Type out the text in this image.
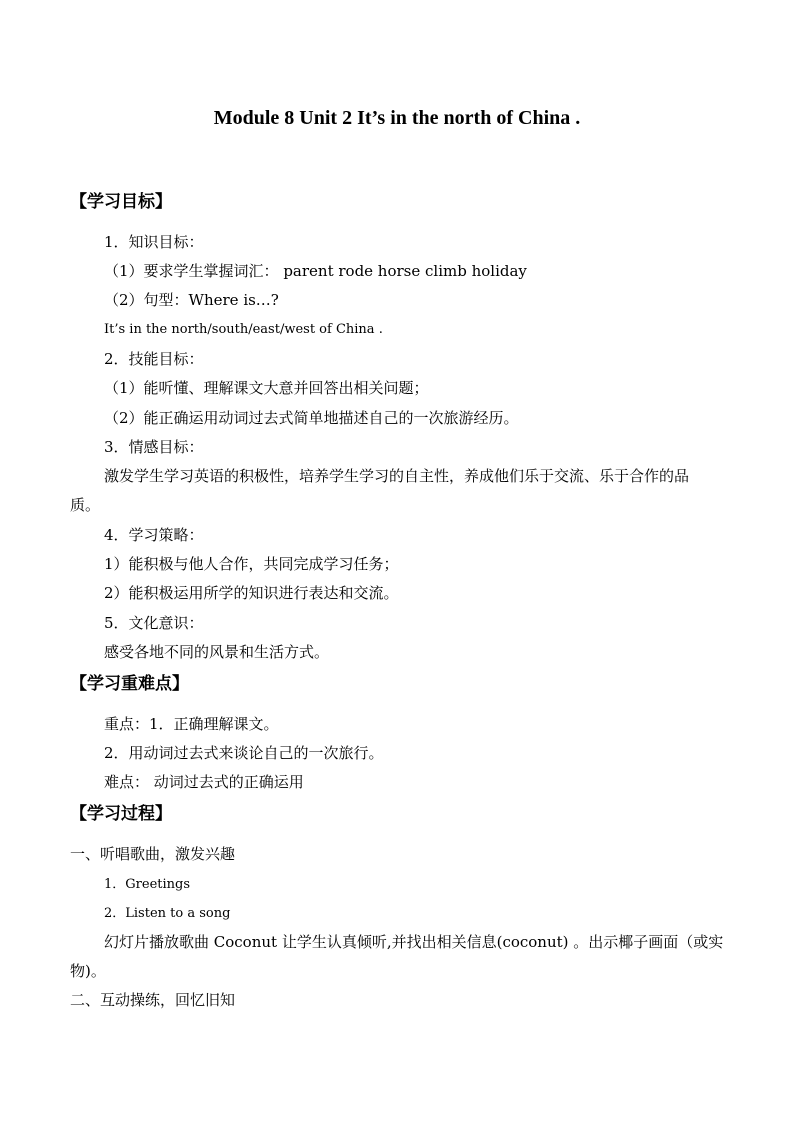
Module 8 Unit 2 It’s in the north of China .
【学习目标】
1．知识目标：
（1）要求学生掌握词汇： parent rode horse climb holiday
（2）句型：Where is…?
It’s in the north/south/east/west of China .
2．技能目标：
（1）能听懂、理解课文大意并回答出相关问题；
（2）能正确运用动词过去式简单地描述自己的一次旅游经历。
3．情感目标：
激发学生学习英语的积极性，培养学生学习的自主性，养成他们乐于交流、乐于合作的品
质。
4．学习策略：
1）能积极与他人合作，共同完成学习任务；
2）能积极运用所学的知识进行表达和交流。
5．文化意识：
感受各地不同的风景和生活方式。
【学习重难点】
重点：1．正确理解课文。
2．用动词过去式来谈论自己的一次旅行。
难点： 动词过去式的正确运用
【学习过程】
一、听唱歌曲，激发兴趣
1．Greetings
2．Listen to a song
幻灯片播放歌曲 Coconut 让学生认真倾听,并找出相关信息(coconut) 。出示椰子画面（或实
物)。
二、互动操练，回忆旧知
